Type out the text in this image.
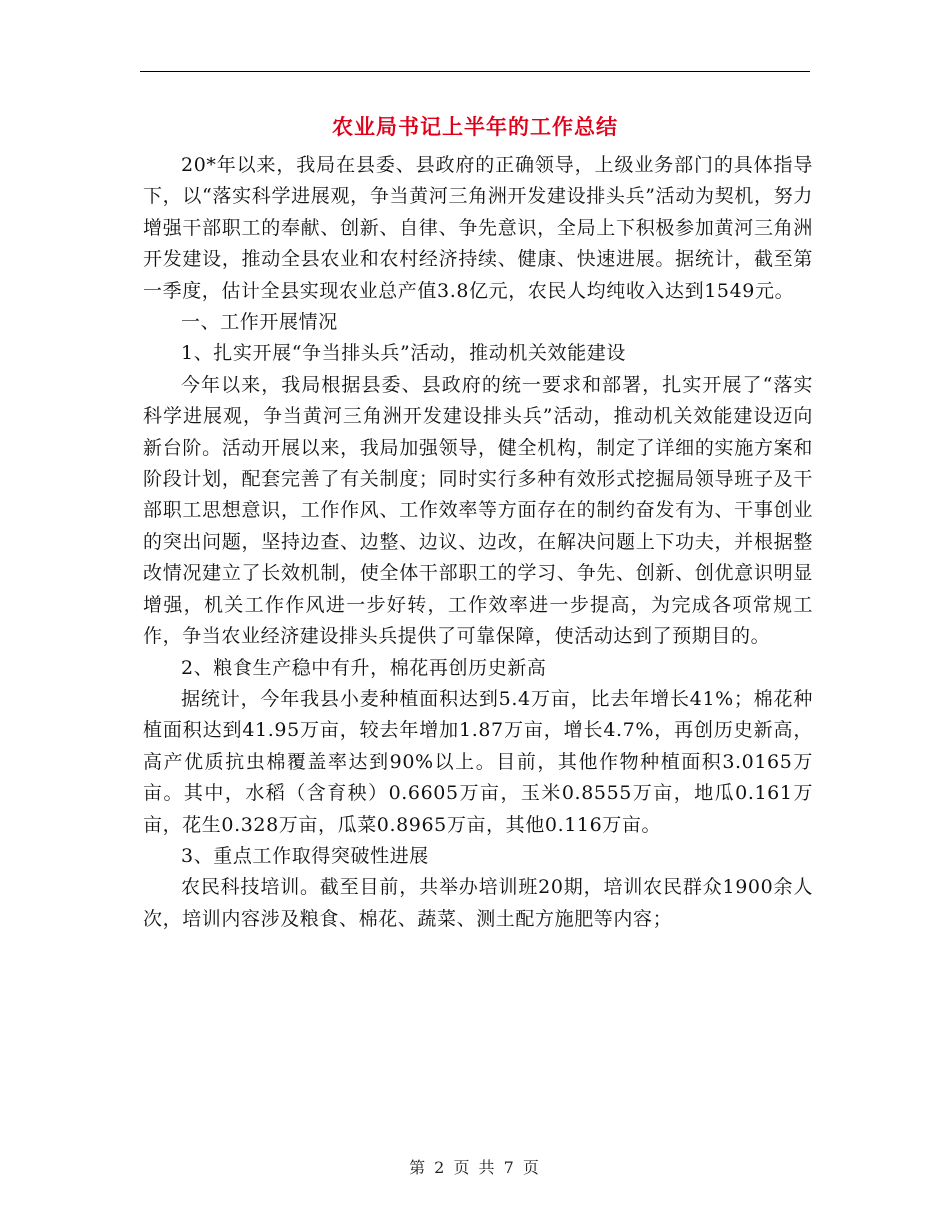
农业局书记上半年的工作总结

20*年以来，我局在县委、县政府的正确领导，上级业务部门的具体指导下，以“落实科学进展观，争当黄河三角洲开发建设排头兵”活动为契机，努力增强干部职工的奉献、创新、自律、争先意识，全局上下积极参加黄河三角洲开发建设，推动全县农业和农村经济持续、健康、快速进展。据统计，截至第一季度，估计全县实现农业总产值3.8亿元，农民人均纯收入达到1549元。

一、工作开展情况

1、扎实开展“争当排头兵”活动，推动机关效能建设

今年以来，我局根据县委、县政府的统一要求和部署，扎实开展了“落实科学进展观，争当黄河三角洲开发建设排头兵”活动，推动机关效能建设迈向新台阶。活动开展以来，我局加强领导，健全机构，制定了详细的实施方案和阶段计划，配套完善了有关制度；同时实行多种有效形式挖掘局领导班子及干部职工思想意识，工作作风、工作效率等方面存在的制约奋发有为、干事创业的突出问题，坚持边查、边整、边议、边改，在解决问题上下功夫，并根据整改情况建立了长效机制，使全体干部职工的学习、争先、创新、创优意识明显增强，机关工作作风进一步好转，工作效率进一步提高，为完成各项常规工作，争当农业经济建设排头兵提供了可靠保障，使活动达到了预期目的。

2、粮食生产稳中有升，棉花再创历史新高

据统计，今年我县小麦种植面积达到5.4万亩，比去年增长41%；棉花种植面积达到41.95万亩，较去年增加1.87万亩，增长4.7%，再创历史新高，高产优质抗虫棉覆盖率达到90%以上。目前，其他作物种植面积3.0165万亩。其中，水稻（含育秧）0.6605万亩，玉米0.8555万亩，地瓜0.161万亩，花生0.328万亩，瓜菜0.8965万亩，其他0.116万亩。

3、重点工作取得突破性进展

农民科技培训。截至目前，共举办培训班20期，培训农民群众1900余人次，培训内容涉及粮食、棉花、蔬菜、测土配方施肥等内容；

第 2 页 共 7 页
